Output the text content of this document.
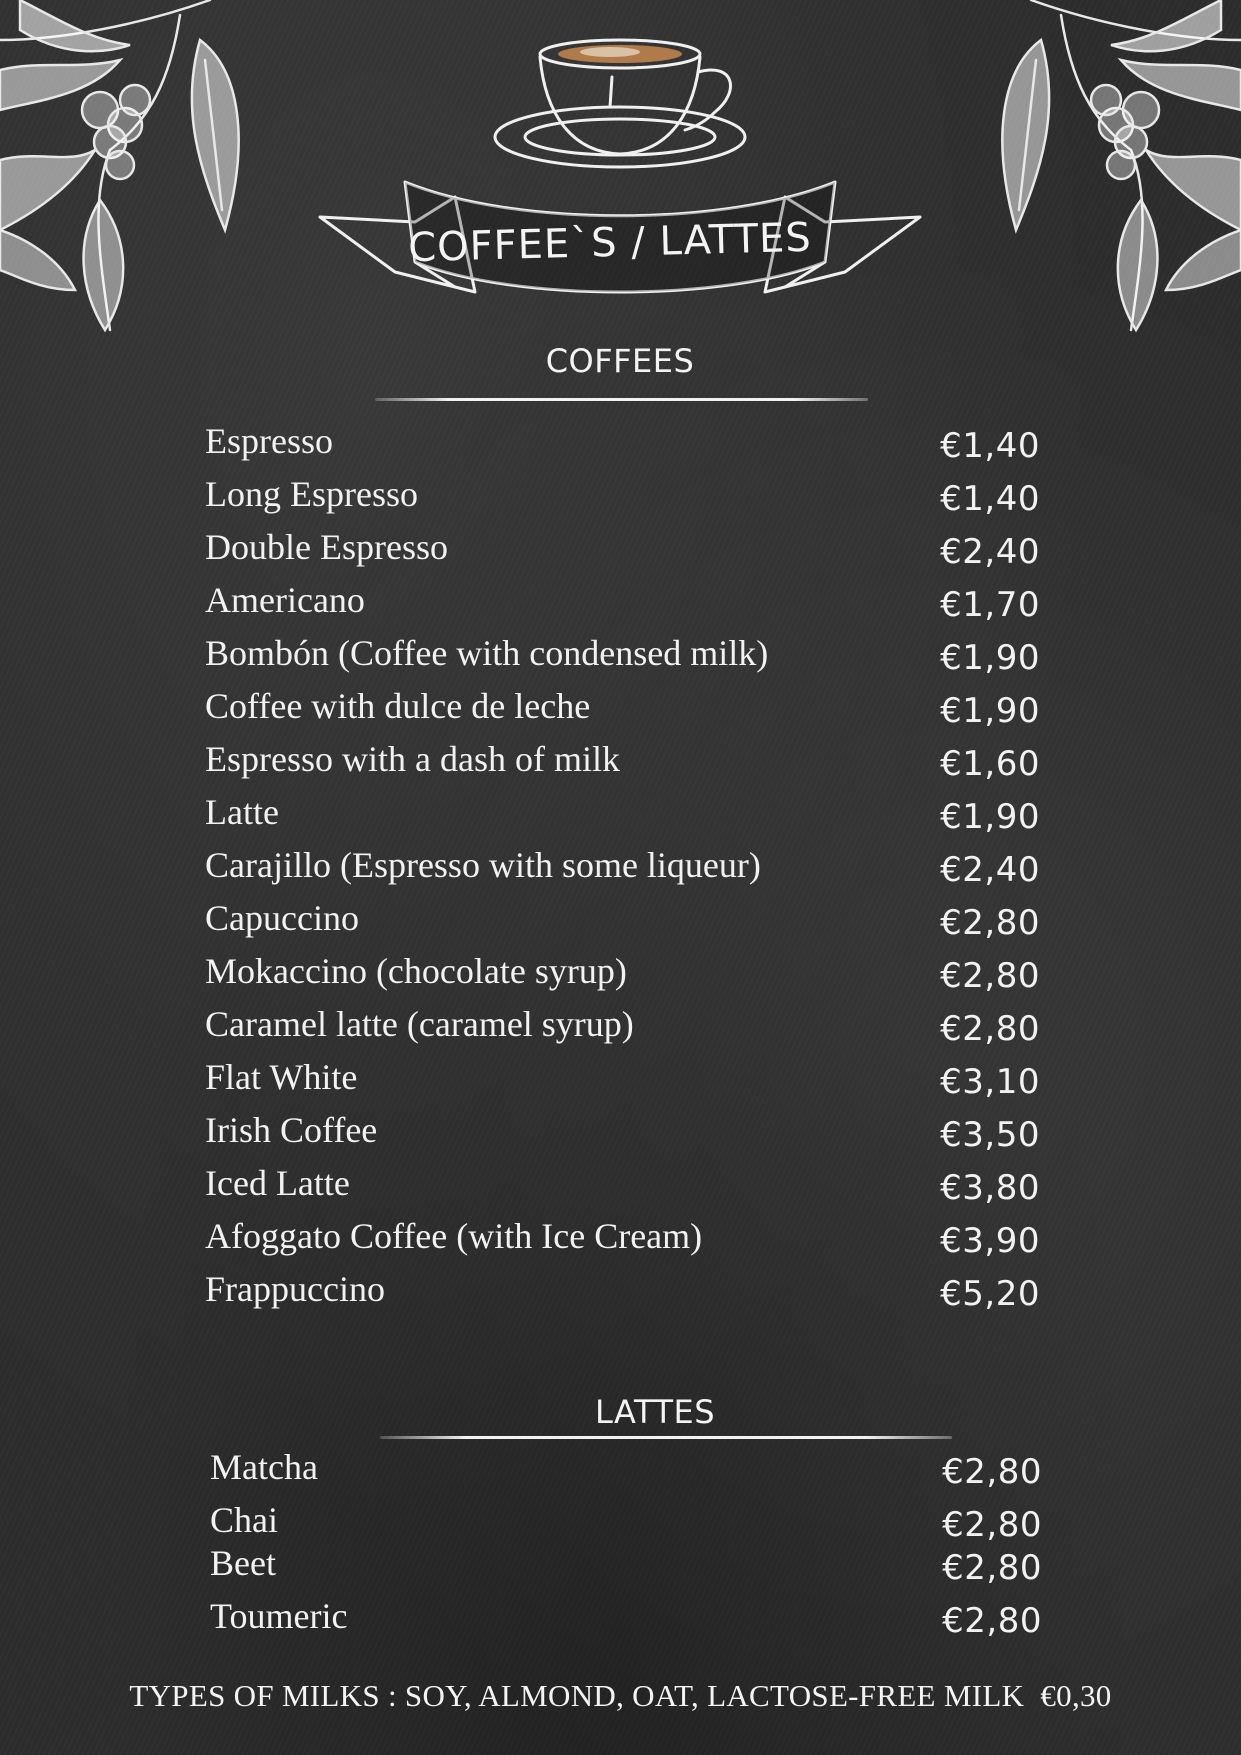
COFFEE`S / LATTES
COFFEES
Espresso	€1,40
Long Espresso	€1,40
Double Espresso	€2,40
Americano	€1,70
Bombón (Coffee with condensed milk)	€1,90
Coffee with dulce de leche	€1,90
Espresso with a dash of milk	€1,60
Latte	€1,90
Carajillo (Espresso with some liqueur)	€2,40
Capuccino	€2,80
Mokaccino (chocolate syrup)	€2,80
Caramel latte (caramel syrup)	€2,80
Flat White	€3,10
Irish Coffee	€3,50
Iced Latte	€3,80
Afoggato Coffee (with Ice Cream)	€3,90
Frappuccino	€5,20
LATTES
Matcha	€2,80
Chai	€2,80
Beet	€2,80
Toumeric	€2,80
TYPES OF MILKS : SOY, ALMOND, OAT, LACTOSE-FREE MILK  €0,30
